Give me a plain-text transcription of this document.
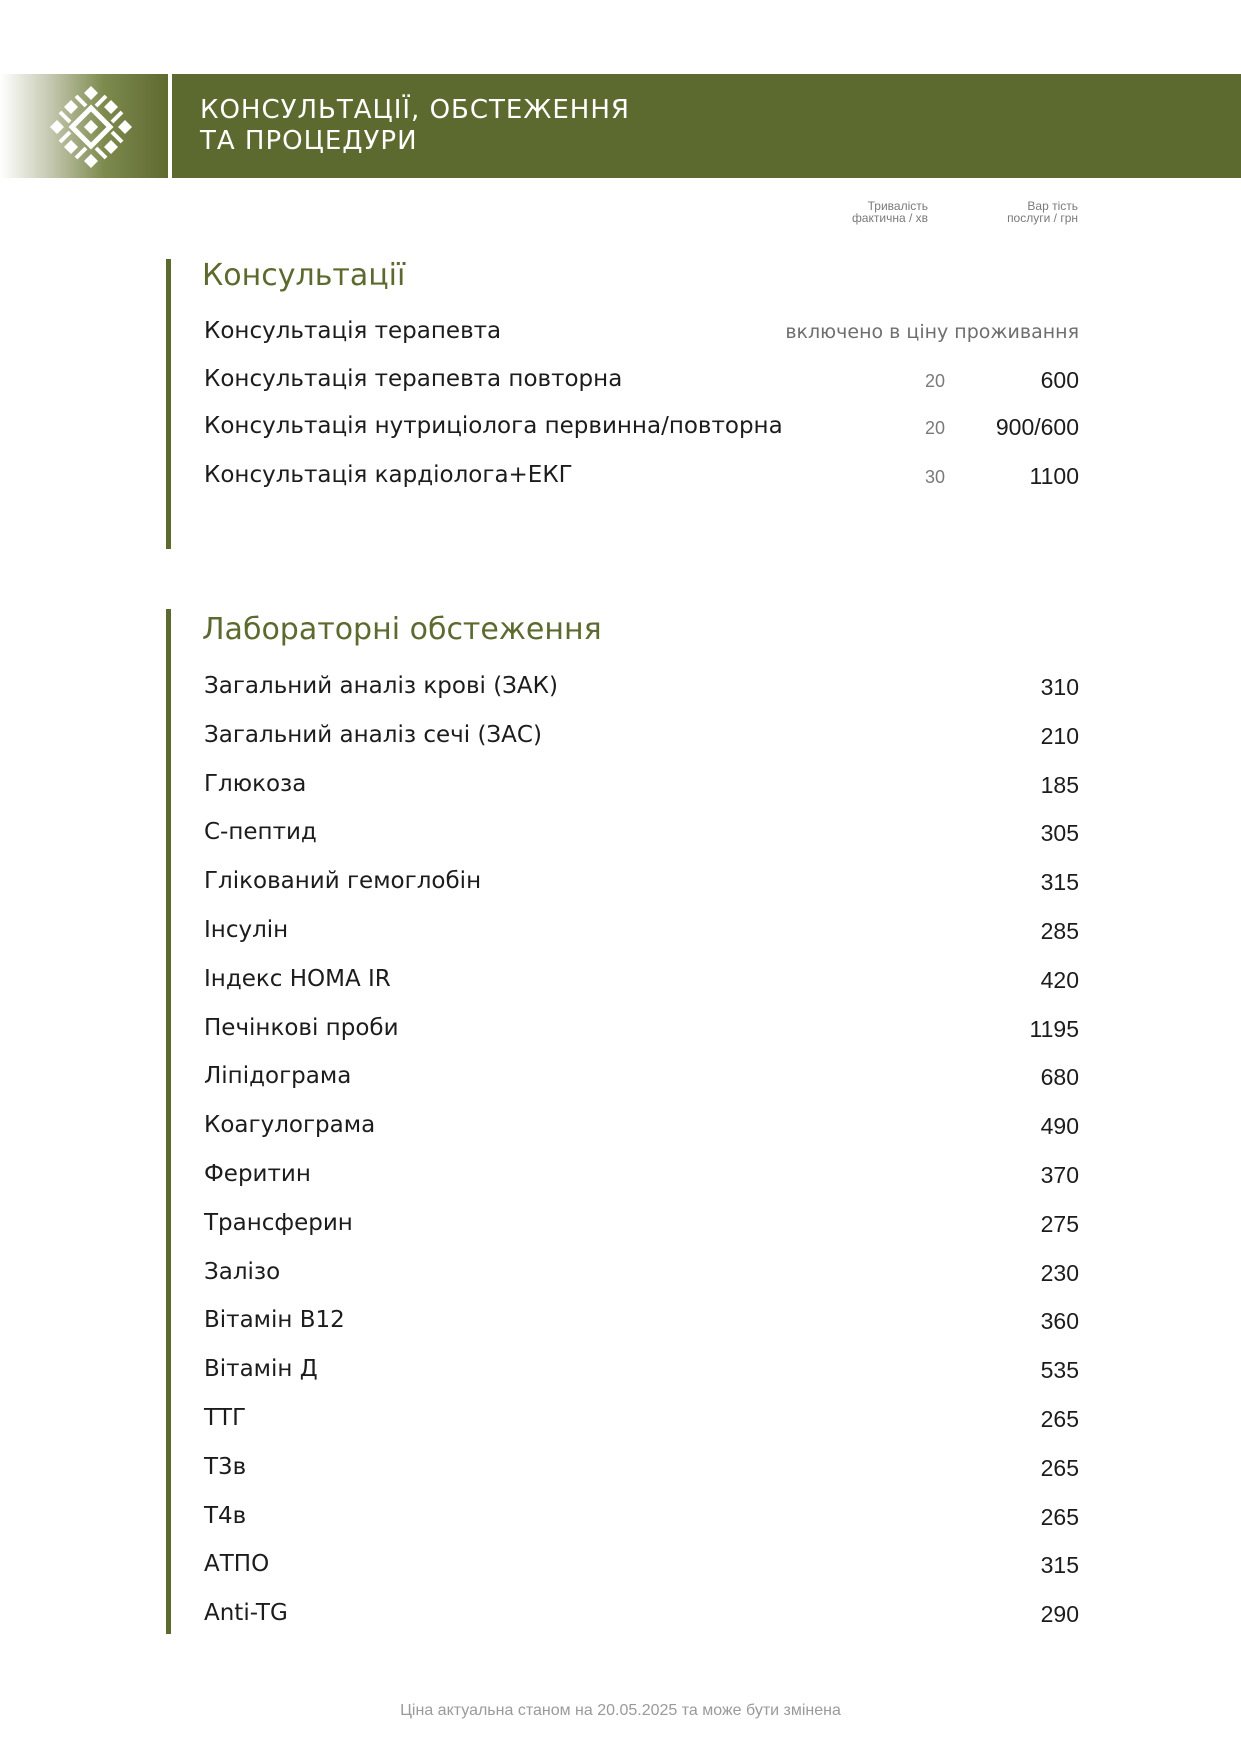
КОНСУЛЬТАЦІЇ, ОБСТЕЖЕННЯ
ТА ПРОЦЕДУРИ
Тривалість
фактична / хв
Вар тість
послуги / грн
Консультації
Консультація терапевта	включено в ціну проживання
Консультація терапевта повторна	20	600
Консультація нутриціолога первинна/повторна	20 900/600
Консультація кардіолога+ЕКГ	30	1100
Лабораторні обстеження
Загальний аналіз крові (ЗАК)	310
Загальний аналіз сечі (ЗАС)	210
Глюкоза	185
С-пептид	305
Глікований гемоглобін	315
Інсулін	285
Індекс HOMA IR	420
Печінкові проби	1195
Ліпідограма	680
Коагулограма	490
Феритин	370
Трансферин	275
Залізо	230
Вітамін В12	360
Вітамін Д	535
ТТГ	265
Т3в	265
Т4в	265
АТПО	315
Anti-TG	290
Ціна актуальна станом на 20.05.2025 та може бути змінена
